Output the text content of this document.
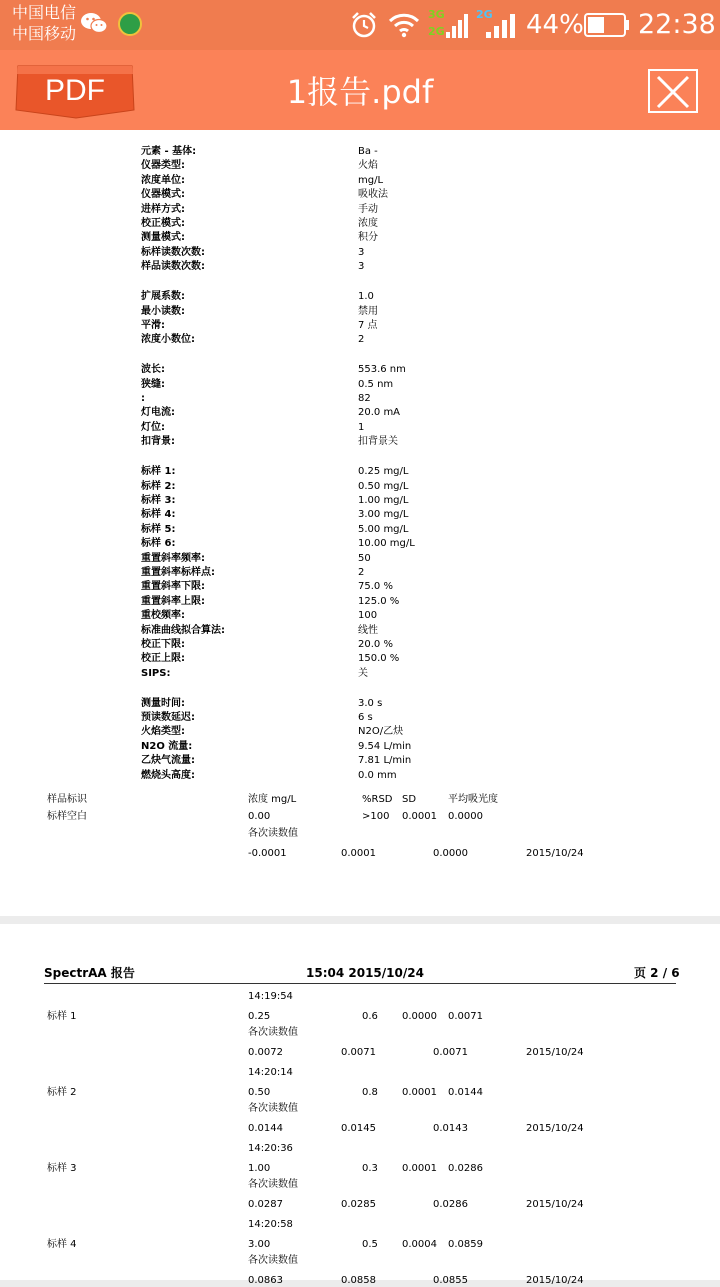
中国电信
中国移动
3G
2G
2G 44% 22:38
PDF	1报告.pdf
元素 - 基体:	Ba -
仪器类型:	火焰
浓度单位:	mg/L
仪器模式:	吸收法
进样方式:	手动
校正模式:	浓度
测量模式:	积分
标样读数次数:	3
样品读数次数:	3
扩展系数:	1.0
最小读数:	禁用
平滑:	7 点
浓度小数位:	2
波长:	553.6 nm
狭缝:	0.5 nm
:	82
灯电流:	20.0 mA
灯位:	1
扣背景:	扣背景关
标样 1:	0.25 mg/L
标样 2:	0.50 mg/L
标样 3:	1.00 mg/L
标样 4:	3.00 mg/L
标样 5:	5.00 mg/L
标样 6:	10.00 mg/L
重置斜率频率:	50
重置斜率标样点:	2
重置斜率下限:	75.0 %
重置斜率上限:	125.0 %
重校频率:	100
标准曲线拟合算法:	线性
校正下限:	20.0 %
校正上限:	150.0 %
SIPS:	关
测量时间:	3.0 s
预读数延迟:	6 s
火焰类型:	N2O/乙炔
N2O 流量:	9.54 L/min
乙炔气流量:	7.81 L/min
燃烧头高度:	0.0 mm
样品标识	浓度 mg/L	%RSD SD	平均吸光度
标样空白	0.00	>100 0.0001 0.0000
各次读数值
-0.0001	0.0001	0.0000	2015/10/24
SpectrAA 报告	15:04 2015/10/24	页 2 / 6
14:19:54
标样 1	0.25	0.6 0.0000 0.0071
各次读数值
0.0072	0.0071	0.0071	2015/10/24
14:20:14
标样 2	0.50	0.8 0.0001 0.0144
各次读数值
0.0144	0.0145	0.0143	2015/10/24
14:20:36
标样 3	1.00	0.3 0.0001 0.0286
各次读数值
0.0287	0.0285	0.0286	2015/10/24
14:20:58
标样 4	3.00	0.5 0.0004 0.0859
各次读数值
0.0863	0.0858	0.0855	2015/10/24
